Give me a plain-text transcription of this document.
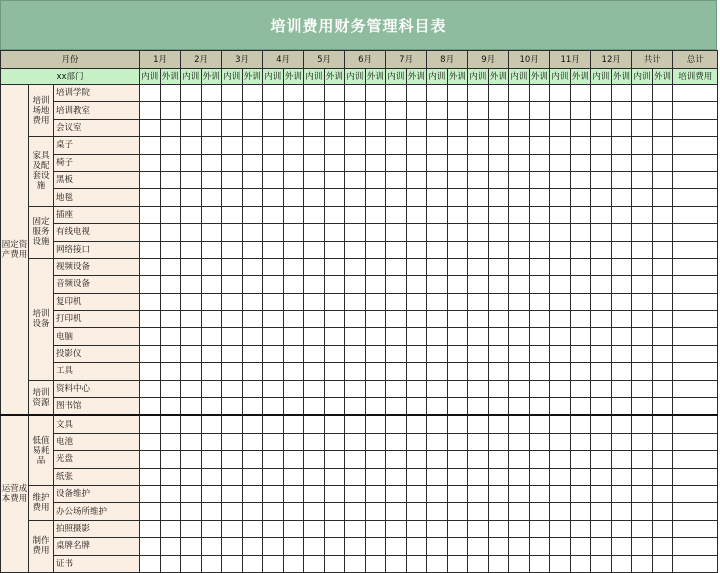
培训费用财务管理科目表
月份			1月		2月		3月		4月		5月		6月		7月		8月		9月		10月		11月		12月		共计		总计
xx部门			内训	外训	内训	外训	内训	外训	内训	外训	内训	外训	内训	外训	内训	外训	内训	外训	内训	外训	内训	外训	内训	外训	内训	外训	内训	外训	培训费用
固定资产费用	培训场地费用	培训学院																											
		培训教室																											
		会议室																											
	家具及配套设施	桌子																											
		椅子																											
		黑板																											
		地毯																											
	固定服务设施	插座																											
		有线电视																											
		网络接口																											
	培训设备	视频设备																											
		音频设备																											
		复印机																											
		打印机																											
		电脑																											
		投影仪																											
		工具																											
	培训资源	资料中心																											
		图书馆																											
运营成本费用	低值易耗品	文具																											
		电池																											
		光盘																											
		纸张																											
	维护费用	设备维护																											
		办公场所维护																											
	制作费用	拍照摄影																											
		桌牌名牌																											
		证书																											
